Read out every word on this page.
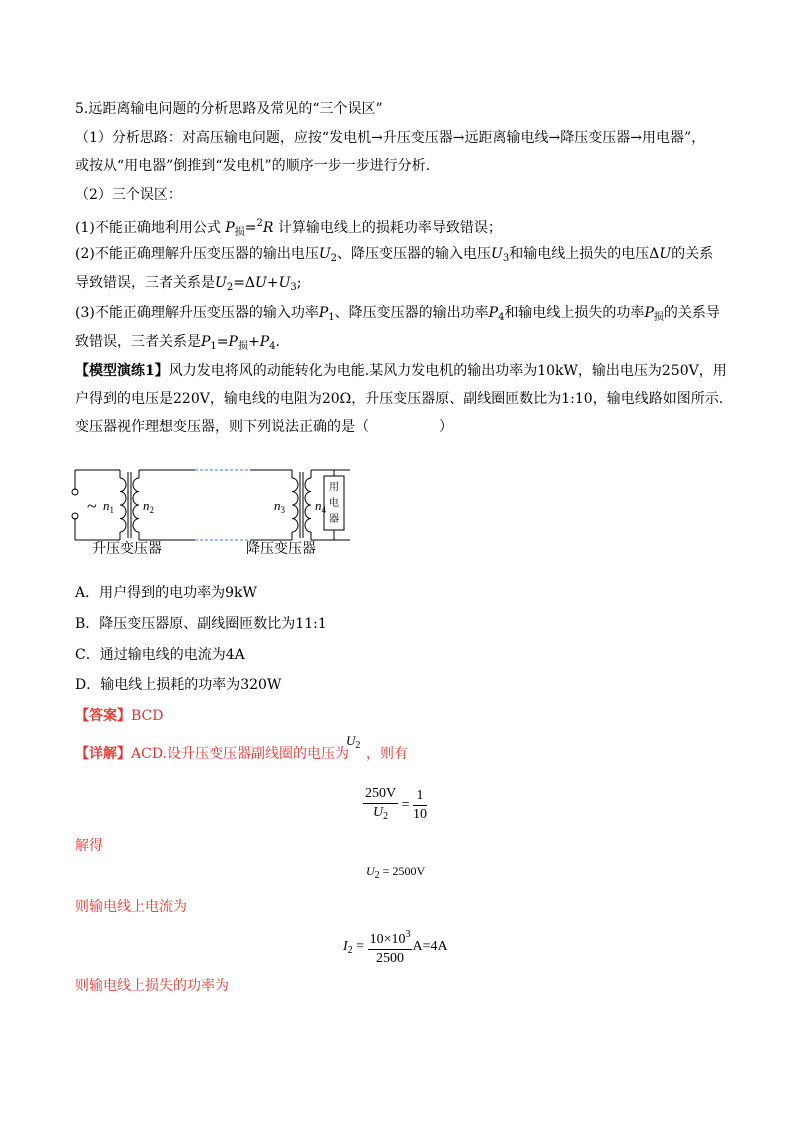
5.远距离输电问题的分析思路及常见的“三个误区”
（1）分析思路：对高压输电问题，应按“发电机→升压变压器→远距离输电线→降压变压器→用电器”，
或按从“用电器”倒推到“发电机”的顺序一步一步进行分析.
（2）三个误区：
(1)不能正确地利用公式 $P_损=^2R$ 计算输电线上的损耗功率导致错误；
(2)不能正确理解升压变压器的输出电压$U_2$、降压变压器的输入电压$U_3$和输电线上损失的电压ΔU的关系
导致错误，三者关系是$U_2=\Delta U+U_3$;
(3)不能正确理解升压变压器的输入功率$P_1$、降压变压器的输出功率$P_4$和输电线上损失的功率$P_损$的关系导
致错误，三者关系是$P_1=P_损+P_4$.
【模型演练1】风力发电将风的动能转化为电能.某风力发电机的输出功率为10kW，输出电压为250V，用
户得到的电压是220V，输电线的电阻为20Ω，升压变压器原、副线圈匝数比为1:10，输电线路如图所示.
变压器视作理想变压器，则下列说法正确的是（　　　　　）
~ $n_1$ $n_2$	$n_3$ $n_4$
用
电
器
升压变压器	降压变压器
A．用户得到的电功率为9kW
B．降压变压器原、副线圈匝数比为11:1
C．通过输电线的电流为4A
D．输电线上损耗的功率为320W
【答案】BCD
【详解】ACD.设升压变压器副线圈的电压为
$U_2$
，则有
$\frac{250V}{U_2} = \frac{1}{10}$
解得
$U_2 = 2500V$
则输电线上电流为
$I_2 = \frac{10\times 10^3}{2500} A=4A$
则输电线上损失的功率为
